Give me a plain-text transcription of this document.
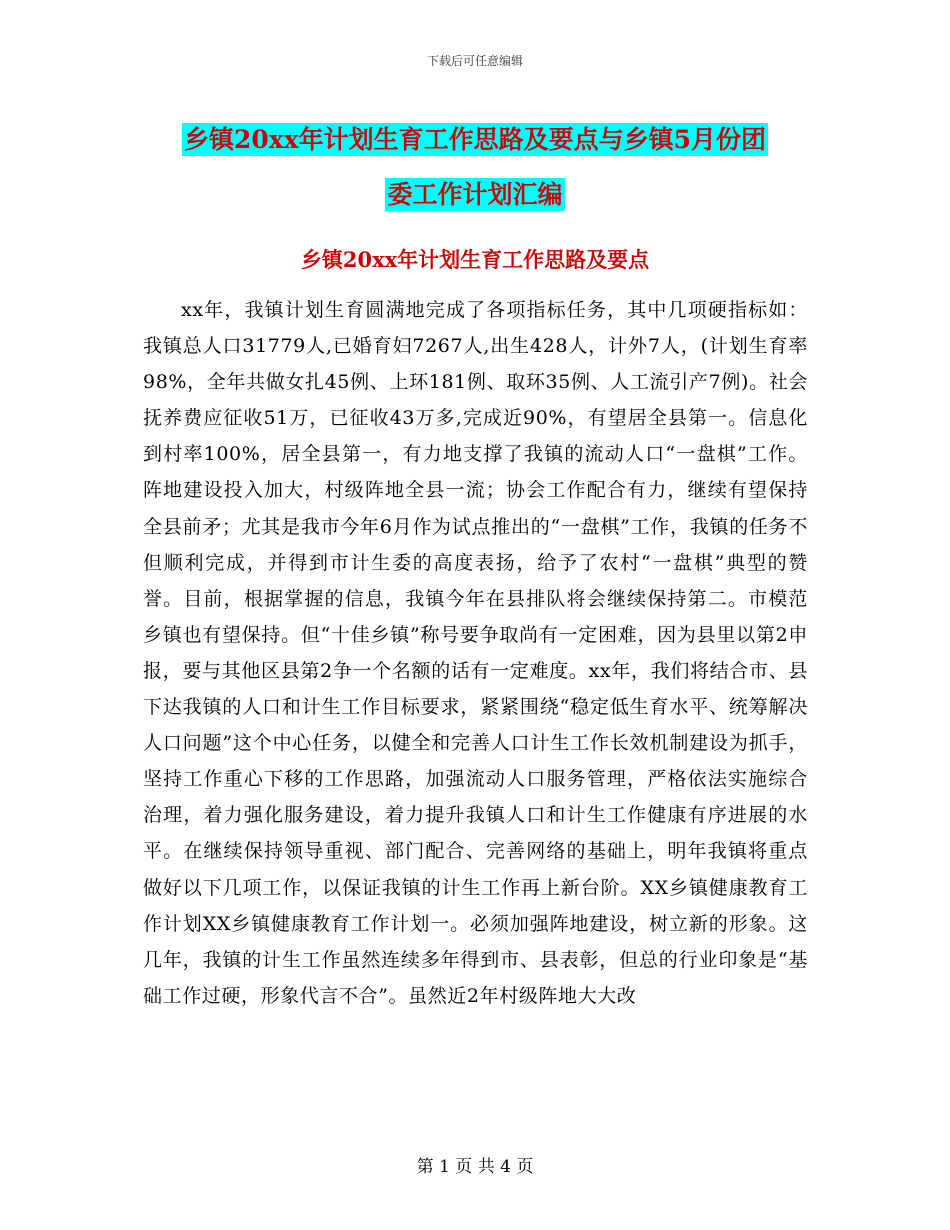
下载后可任意编辑
乡镇20xx年计划生育工作思路及要点与乡镇5月份团
委工作计划汇编
乡镇20xx年计划生育工作思路及要点

xx年，我镇计划生育圆满地完成了各项指标任务，其中几项硬指标如：我镇总人口31779人,已婚育妇7267人,出生428人，计外7人，(计划生育率98%，全年共做女扎45例、上环181例、取环35例、人工流引产7例)。社会抚养费应征收51万，已征收43万多,完成近90%，有望居全县第一。信息化到村率100%，居全县第一，有力地支撑了我镇的流动人口“一盘棋”工作。阵地建设投入加大，村级阵地全县一流；协会工作配合有力，继续有望保持全县前矛；尤其是我市今年6月作为试点推出的“一盘棋”工作，我镇的任务不但顺利完成，并得到市计生委的高度表扬，给予了农村“一盘棋”典型的赞誉。目前，根据掌握的信息，我镇今年在县排队将会继续保持第二。市模范乡镇也有望保持。但“十佳乡镇”称号要争取尚有一定困难，因为县里以第2申报，要与其他区县第2争一个名额的话有一定难度。xx年，我们将结合市、县下达我镇的人口和计生工作目标要求，紧紧围绕“稳定低生育水平、统筹解决人口问题”这个中心任务，以健全和完善人口计生工作长效机制建设为抓手，坚持工作重心下移的工作思路，加强流动人口服务管理，严格依法实施综合治理，着力强化服务建设，着力提升我镇人口和计生工作健康有序进展的水平。在继续保持领导重视、部门配合、完善网络的基础上，明年我镇将重点做好以下几项工作，以保证我镇的计生工作再上新台阶。XX乡镇健康教育工作计划XX乡镇健康教育工作计划一。必须加强阵地建设，树立新的形象。这几年，我镇的计生工作虽然连续多年得到市、县表彰，但总的行业印象是“基础工作过硬，形象代言不合”。虽然近2年村级阵地大大改

第 1 页 共 4 页
